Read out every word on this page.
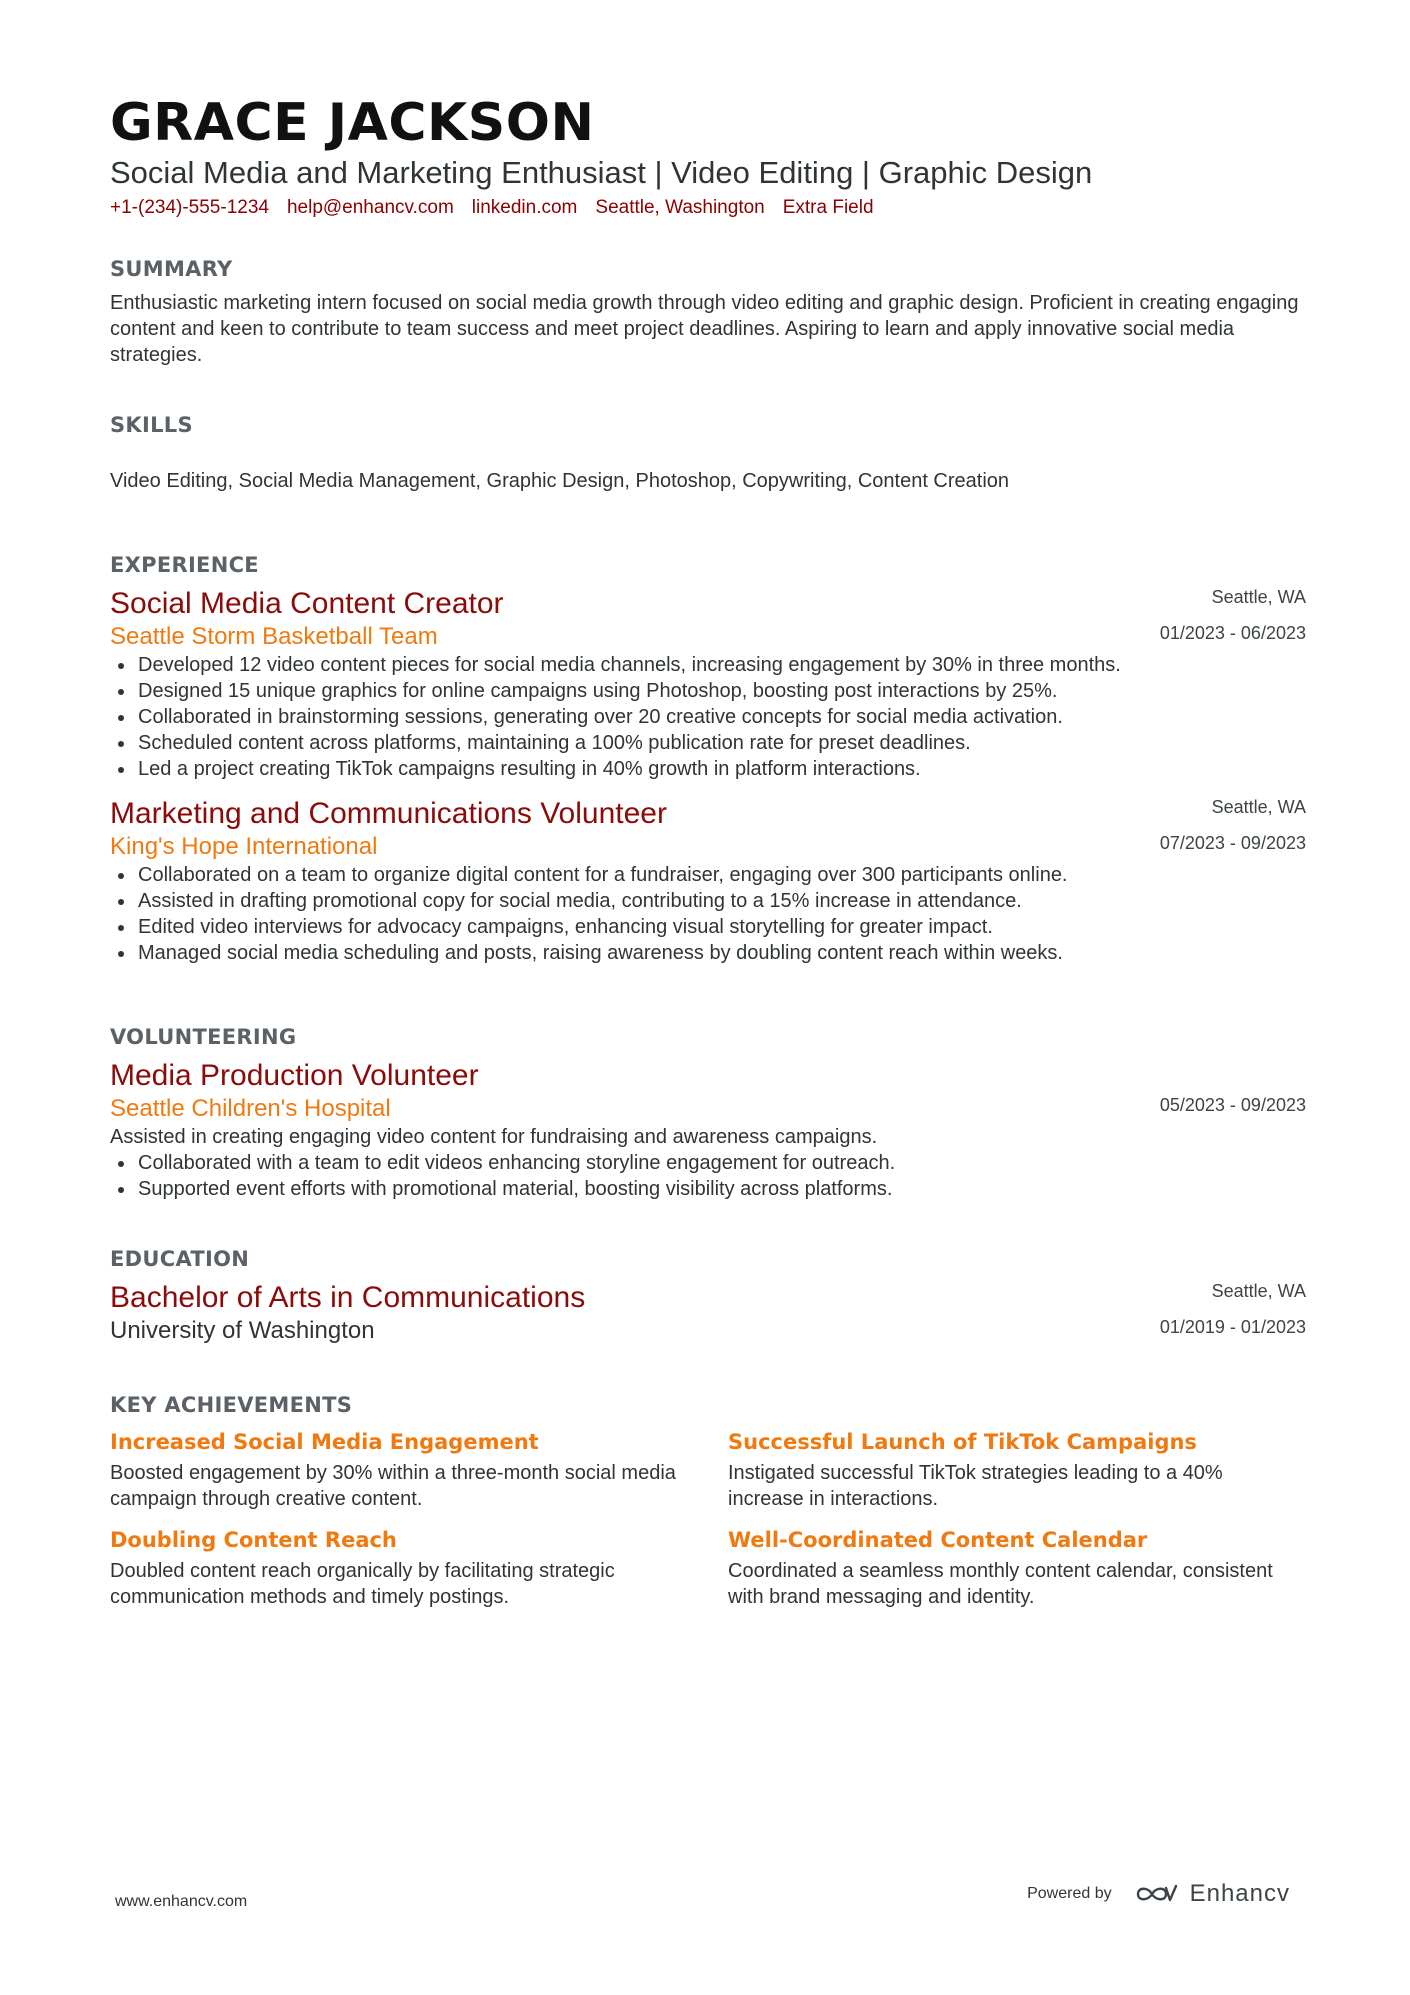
GRACE JACKSON
Social Media and Marketing Enthusiast | Video Editing | Graphic Design
+1-(234)-555-1234 help@enhancv.com linkedin.com Seattle, Washington Extra Field
SUMMARY
Enthusiastic marketing intern focused on social media growth through video editing and graphic design. Proficient in creating engaging content and keen to contribute to team success and meet project deadlines. Aspiring to learn and apply innovative social media strategies.
SKILLS
Video Editing, Social Media Management, Graphic Design, Photoshop, Copywriting, Content Creation
EXPERIENCE
Social Media Content Creator
Seattle Storm Basketball Team
Seattle, WA
01/2023 - 06/2023
Developed 12 video content pieces for social media channels, increasing engagement by 30% in three months.
Designed 15 unique graphics for online campaigns using Photoshop, boosting post interactions by 25%.
Collaborated in brainstorming sessions, generating over 20 creative concepts for social media activation.
Scheduled content across platforms, maintaining a 100% publication rate for preset deadlines.
Led a project creating TikTok campaigns resulting in 40% growth in platform interactions.
Marketing and Communications Volunteer
King's Hope International
Seattle, WA
07/2023 - 09/2023
Collaborated on a team to organize digital content for a fundraiser, engaging over 300 participants online.
Assisted in drafting promotional copy for social media, contributing to a 15% increase in attendance.
Edited video interviews for advocacy campaigns, enhancing visual storytelling for greater impact.
Managed social media scheduling and posts, raising awareness by doubling content reach within weeks.
VOLUNTEERING
Media Production Volunteer
Seattle Children's Hospital	05/2023 - 09/2023
Assisted in creating engaging video content for fundraising and awareness campaigns.
Collaborated with a team to edit videos enhancing storyline engagement for outreach.
Supported event efforts with promotional material, boosting visibility across platforms.
EDUCATION
Bachelor of Arts in Communications
University of Washington
Seattle, WA
01/2019 - 01/2023
KEY ACHIEVEMENTS
Increased Social Media Engagement
Boosted engagement by 30% within a three-month social media campaign through creative content.
Successful Launch of TikTok Campaigns
Instigated successful TikTok strategies leading to a 40% increase in interactions.
Doubling Content Reach
Doubled content reach organically by facilitating strategic communication methods and timely postings.
Well-Coordinated Content Calendar
Coordinated a seamless monthly content calendar, consistent with brand messaging and identity.
www.enhancv.com	Powered by	Enhancv
